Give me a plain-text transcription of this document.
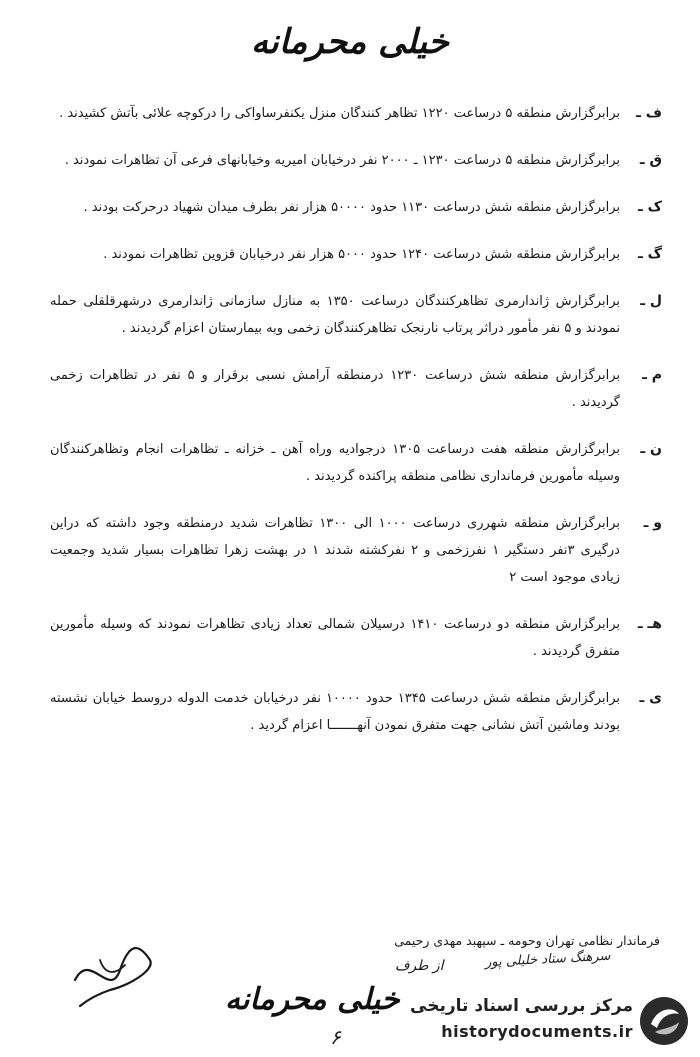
خیلی محرمانه
ف ـ
برابرگزارش منطقه ۵ درساعت ۱۲۲۰ تظاهر کنندگان منزل یکنفرساواکی را درکوچه علائی بآتش کشیدند .
ق ـ
برابرگزارش منطقه ۵ درساعت ۱۲۳۰ ـ ۲۰۰۰ نفر درخیابان امیریه وخیابانهای فرعی آن تظاهرات نمودند .
ک ـ
برابرگزارش منطقه شش درساعت ۱۱۳۰ حدود ۵۰۰۰۰ هزار نفر بطرف میدان شهیاد درحرکت بودند .
گ ـ
برابرگزارش منطقه شش درساعت ۱۲۴۰ حدود ۵۰۰۰ هزار نفر درخیابان قزوین تظاهرات نمودند .
ل ـ
برابرگزارش ژاندارمری تظاهرکنندگان درساعت ۱۳۵۰ به منازل سازمانی ژاندارمری درشهرقلقلی حمله نمودند و ۵ نفر مأمور دراثر پرتاب نارنجک تظاهرکنندگان زخمی وبه بیمارستان اعزام گردیدند .
م ـ
برابرگزارش منطقه شش درساعت ۱۲۳۰ درمنطقه آرامش نسبی برقرار و ۵ نفر در تظاهرات زخمی گردیدند .
ن ـ
برابرگزارش منطقه هفت درساعت ۱۳۰۵ درجواديه وراه آهن ـ خزانه ـ تظاهرات انجام وتظاهرکنندگان وسیله مأمورین فرمانداری نظامی منطقه پراکنده گردیدند .
و ـ
برابرگزارش منطقه شهرری درساعت ۱۰۰۰ الی ۱۳۰۰ تظاهرات شدید درمنطقه وجود داشته که دراین درگیری ۳نفر دستگیر ۱ نفرزخمی و ۲ نفرکشته شدند ۱ در بهشت زهرا تظاهرات بسیار شدید وجمعیت زیادی موجود است ۲
هـ ـ
برابرگزارش منطقه دو درساعت ۱۴۱۰ درسیلان شمالی تعداد زیادی تظاهرات نمودند که وسیله مأمورین متفرق گردیدند .
ی ـ
برابرگزارش منطقه شش درساعت ۱۳۴۵ حدود ۱۰۰۰۰ نفر درخیابان خدمت الدوله دروسط خیابان نشسته بودند وماشین آتش نشانی جهت متفرق نمودن آنهـــــــا اعزام گردید .
فرماندار نظامی تهران وحومه ـ سپهبد مهدی رحیمی
سرهنگ ستاد خلیلی پور
از طرف
خیلی محرمانه
۶
مرکز بررسی اسناد تاریخی
historydocuments.ir
